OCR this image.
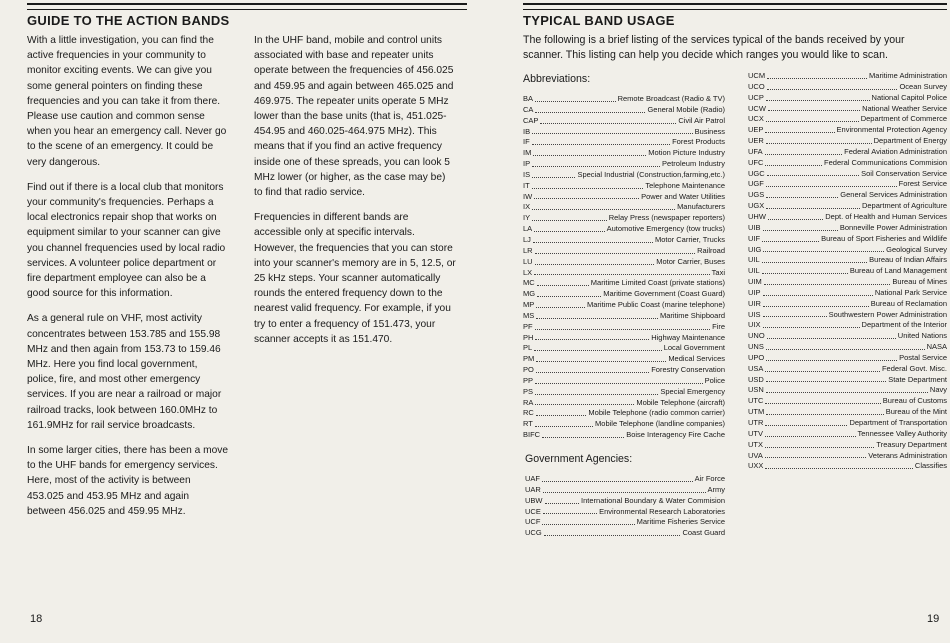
GUIDE TO THE ACTION BANDS

With a little investigation, you can find the active frequencies in your community to monitor exciting events. We can give you some general pointers on finding these frequencies and you can take it from there. Please use caution and common sense when you hear an emergency call. Never go to the scene of an emergency. It could be very dangerous.

Find out if there is a local club that monitors your community's frequencies. Perhaps a local electronics repair shop that works on equipment similar to your scanner can give you channel frequencies used by local radio services. A volunteer police department or fire department employee can also be a good source for this information.

As a general rule on VHF, most activity concentrates between 153.785 and 155.98 MHz and then again from 153.73 to 159.46 MHz. Here you find local government, police, fire, and most other emergency services. If you are near a railroad or major railroad tracks, look between 160.0MHz to 161.9MHz for rail service broadcasts.

In some larger cities, there has been a move to the UHF bands for emergency services. Here, most of the activity is between 453.025 and 453.95 MHz and again between 456.025 and 459.95 MHz.

In the UHF band, mobile and control units associated with base and repeater units operate between the frequencies of 456.025 and 459.95 and again between 465.025 and 469.975. The repeater units operate 5 MHz lower than the base units (that is, 451.025-454.95 and 460.025-464.975 MHz). This means that if you find an active frequency inside one of these spreads, you can look 5 MHz lower (or higher, as the case may be) to find that radio service.

Frequencies in different bands are accessible only at specific intervals. However, the frequencies that you can store into your scanner's memory are in 5, 12.5, or 25 kHz steps. Your scanner automatically rounds the entered frequency down to the nearest valid frequency. For example, if you try to enter a frequency of 151.473, your scanner accepts it as 151.470.

18
TYPICAL BAND USAGE
The following is a brief listing of the services typical of the bands received by your scanner. This listing can help you decide which ranges you would like to scan.
Abbreviations:
BA	Remote Broadcast (Radio & TV)
CA	General Mobile (Radio)
CAP	Civil Air Patrol
IB	Business
IF	Forest Products
IM	Motion Picture Industry
IP	Petroleum Industry
IS	Special Industrial (Construction,farming,etc.)
IT	Telephone Maintenance
IW	Power and Water Utilities
IX	Manufacturers
IY	Relay Press (newspaper reporters)
LA	Automotive Emergency (tow trucks)
LJ	Motor Carrier, Trucks
LR	Railroad
LU	Motor Carrier, Buses
LX	Taxi
MC	Maritime Limited Coast (private stations)
MG	Maritime Government (Coast Guard)
MP	Maritime Public Coast (marine telephone)
MS	Maritime Shipboard
PF	Fire
PH	Highway Maintenance
PL	Local Government
PM	Medical Services
PO	Forestry Conservation
PP	Police
PS	Special Emergency
RA	Mobile Telephone (aircraft)
RC	Mobile Telephone (radio common carrier)
RT	Mobile Telephone (landline companies)
BIFC	Boise Interagency Fire Cache
Government Agencies:
UAF	Air Force
UAR	Army
UBW	International Boundary & Water Commision
UCE	Environmental Research Laboratories
UCF	Maritime Fisheries Service
UCG	Coast Guard
UCM	Maritime Administration
UCO	Ocean Survey
UCP	National Capitol Police
UCW	National Weather Service
UCX	Department of Commerce
UEP	Environmental Protection Agency
UER	Department of Energy
UFA	Federal Aviation Administration
UFC	Federal Communications Commision
UGC	Soil Conservation Service
UGF	Forest Service
UGS	General Services Administration
UGX	Department of Agriculture
UHW	Dept. of Health and Human Services
UIB	Bonneville Power Administration
UIF	Bureau of Sport Fisheries and Wildlife
UIG	Geological Survey
UIL	Bureau of Indian Affairs
UIL	Bureau of Land Management
UIM	Bureau of Mines
UIP	National Park Service
UIR	Bureau of Reclamation
UIS	Southwestern Power Administration
UIX	Department of the Interior
UNO	United Nations
UNS	NASA
UPO	Postal Service
USA	Federal Govt. Misc.
USD	State Department
USN	Navy
UTC	Bureau of Customs
UTM	Bureau of the Mint
UTR	Department of Transportation
UTV	Tennessee Valley Authority
UTX	Treasury Department
UVA	Veterans Administration
UXX	Classifies
19
